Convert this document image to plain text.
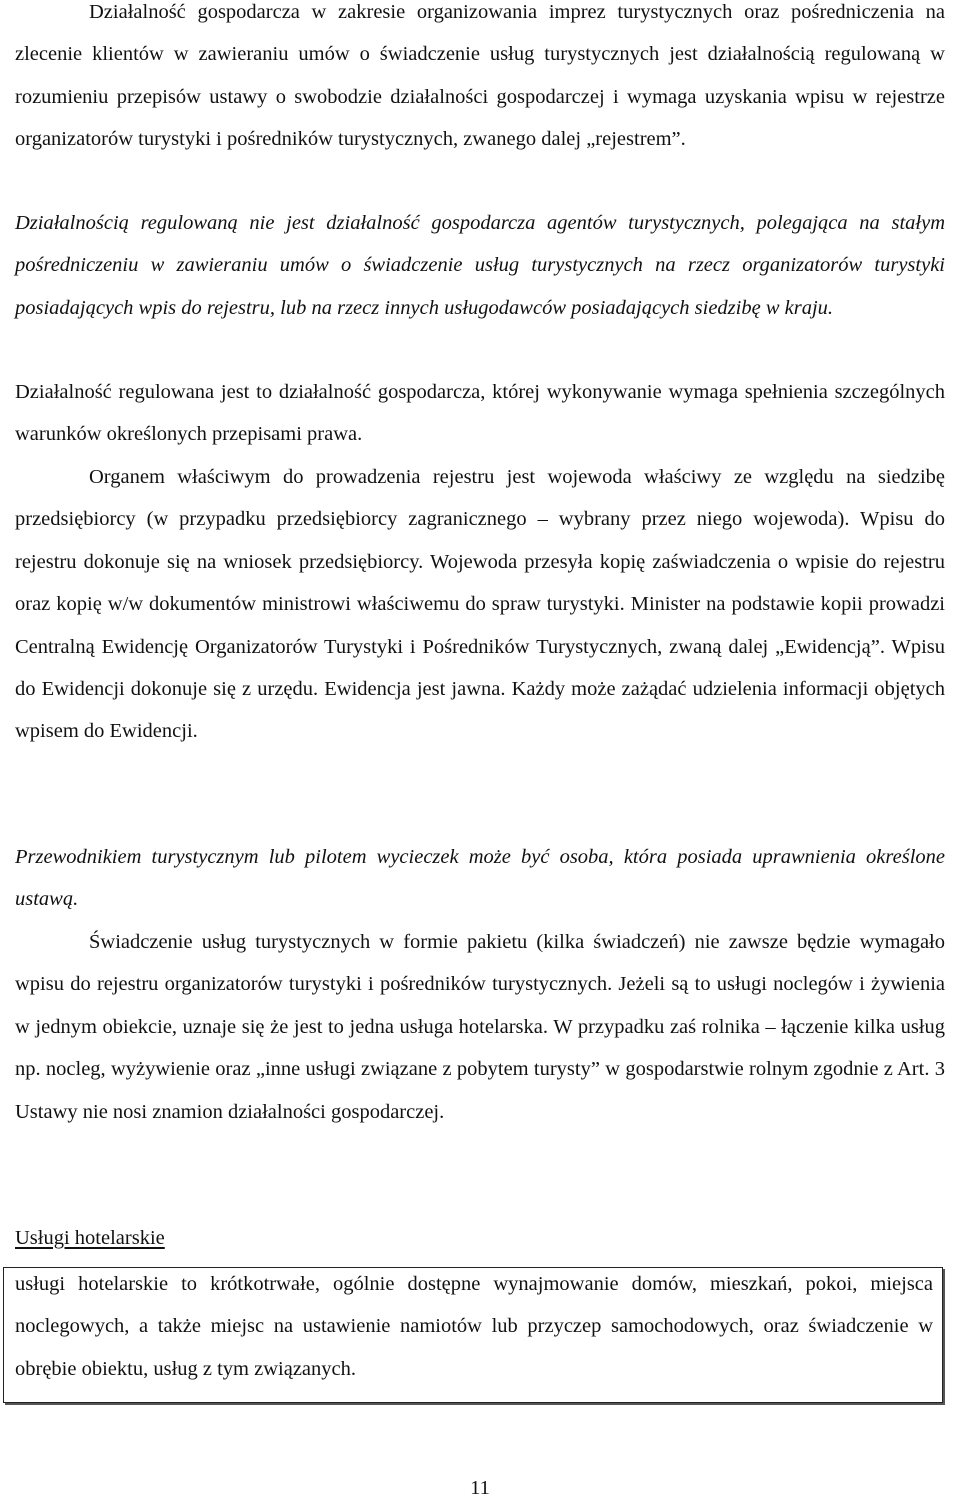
Działalność gospodarcza w zakresie organizowania imprez turystycznych oraz pośredniczenia na zlecenie klientów w zawieraniu umów o świadczenie usług turystycznych jest działalnością regulowaną w rozumieniu przepisów ustawy o swobodzie działalności gospodarczej i wymaga uzyskania wpisu w rejestrze organizatorów turystyki i pośredników turystycznych, zwanego dalej „rejestrem”.

Działalnością regulowaną nie jest działalność gospodarcza agentów turystycznych, polegająca na stałym pośredniczeniu w zawieraniu umów o świadczenie usług turystycznych na rzecz organizatorów turystyki posiadających wpis do rejestru, lub na rzecz innych usługodawców posiadających siedzibę w kraju.

Działalność regulowana jest to działalność gospodarcza, której wykonywanie wymaga spełnienia szczególnych warunków określonych przepisami prawa.

Organem właściwym do prowadzenia rejestru jest wojewoda właściwy ze względu na siedzibę przedsiębiorcy (w przypadku przedsiębiorcy zagranicznego – wybrany przez niego wojewoda). Wpisu do rejestru dokonuje się na wniosek przedsiębiorcy. Wojewoda przesyła kopię zaświadczenia o wpisie do rejestru oraz kopię w/w dokumentów ministrowi właściwemu do spraw turystyki. Minister na podstawie kopii prowadzi Centralną Ewidencję Organizatorów Turystyki i Pośredników Turystycznych, zwaną dalej „Ewidencją”. Wpisu do Ewidencji dokonuje się z urzędu. Ewidencja jest jawna. Każdy może zażądać udzielenia informacji objętych wpisem do Ewidencji.

Przewodnikiem turystycznym lub pilotem wycieczek może być osoba, która posiada uprawnienia określone ustawą.

Świadczenie usług turystycznych w formie pakietu (kilka świadczeń) nie zawsze będzie wymagało wpisu do rejestru organizatorów turystyki i pośredników turystycznych. Jeżeli są to usługi noclegów i żywienia w jednym obiekcie, uznaje się że jest to jedna usługa hotelarska. W przypadku zaś rolnika – łączenie kilka usług np. nocleg, wyżywienie oraz „inne usługi związane z pobytem turysty” w gospodarstwie rolnym zgodnie z Art. 3 Ustawy nie nosi znamion działalności gospodarczej.

Usługi hotelarskie

usługi hotelarskie to krótkotrwałe, ogólnie dostępne wynajmowanie domów, mieszkań, pokoi, miejsca noclegowych, a także miejsc na ustawienie namiotów lub przyczep samochodowych, oraz świadczenie w obrębie obiektu, usług z tym związanych.

11
